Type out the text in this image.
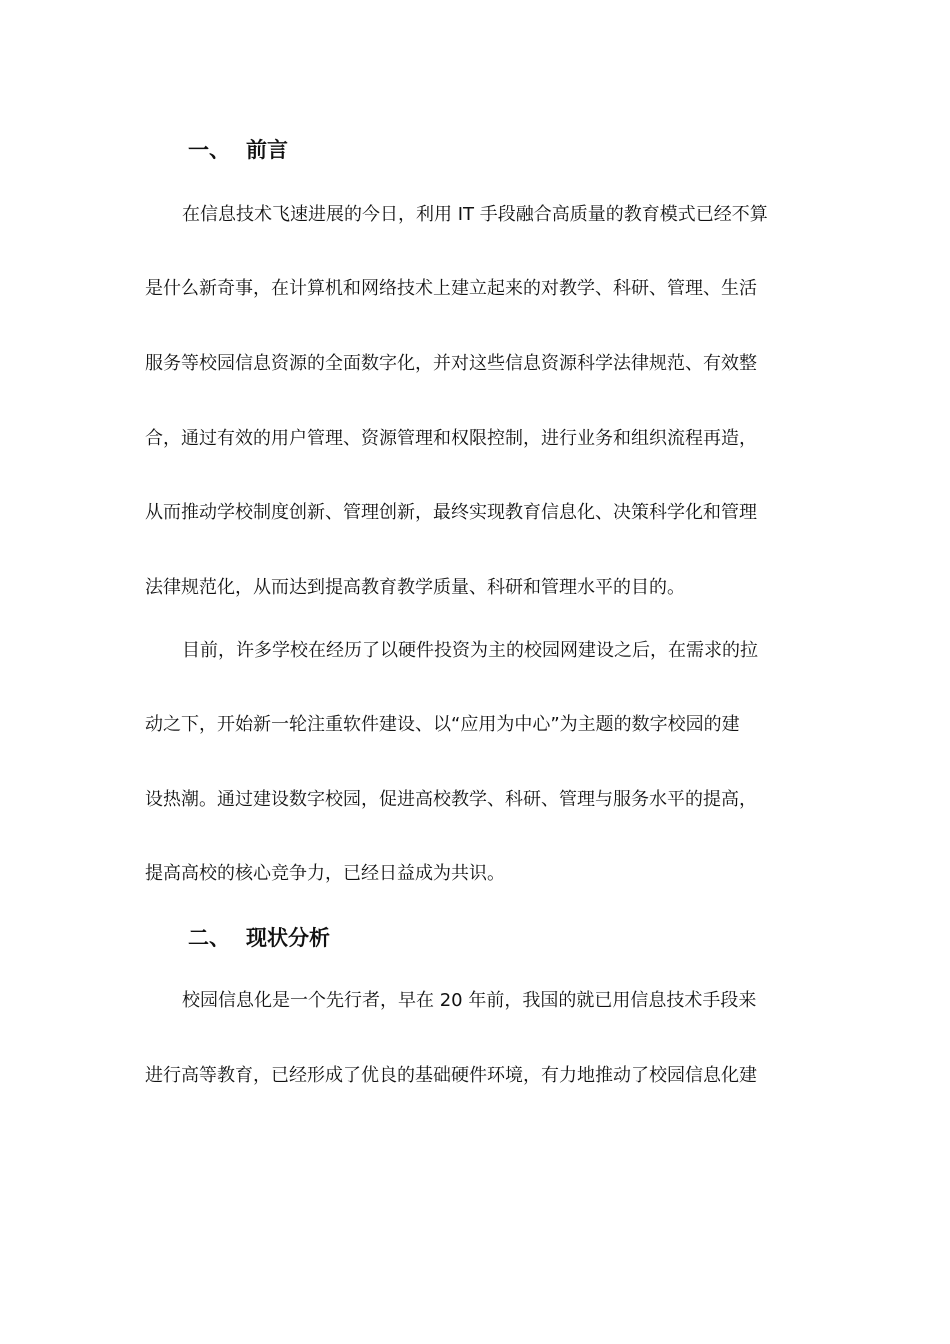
一、 前言
在信息技术飞速进展的今日，利用 IT 手段融合高质量的教育模式已经不算
是什么新奇事，在计算机和网络技术上建立起来的对教学、科研、管理、生活
服务等校园信息资源的全面数字化，并对这些信息资源科学法律规范、有效整
合，通过有效的用户管理、资源管理和权限控制，进行业务和组织流程再造，
从而推动学校制度创新、管理创新，最终实现教育信息化、决策科学化和管理
法律规范化，从而达到提高教育教学质量、科研和管理水平的目的。
目前，许多学校在经历了以硬件投资为主的校园网建设之后，在需求的拉
动之下，开始新一轮注重软件建设、以“应用为中心”为主题的数字校园的建
设热潮。通过建设数字校园，促进高校教学、科研、管理与服务水平的提高，
提高高校的核心竞争力，已经日益成为共识。
二、 现状分析
校园信息化是一个先行者，早在 20 年前，我国的就已用信息技术手段来
进行高等教育，已经形成了优良的基础硬件环境，有力地推动了校园信息化建
